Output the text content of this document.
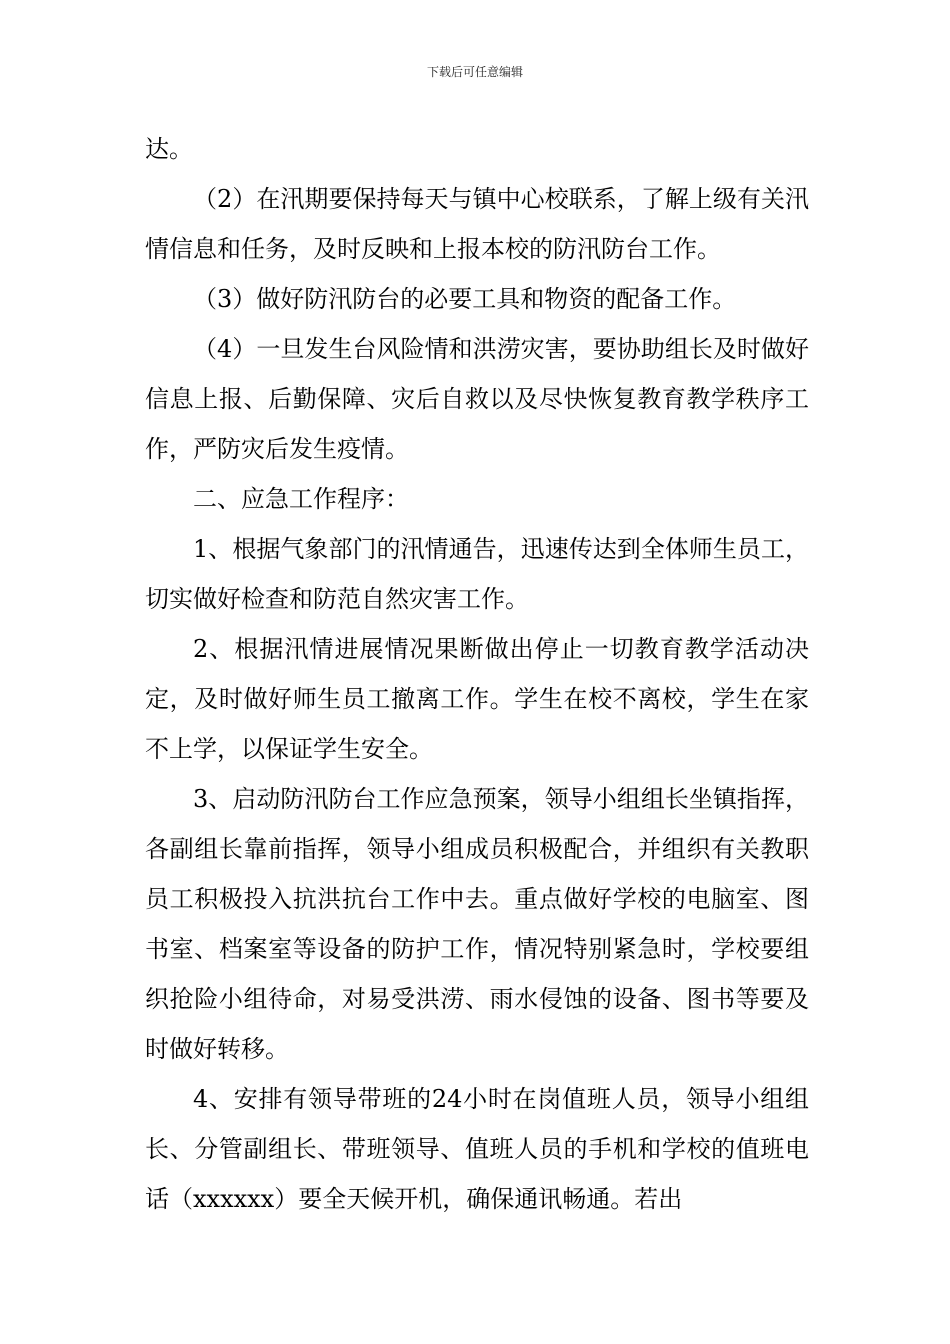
下载后可任意编辑

达。

（2）在汛期要保持每天与镇中心校联系，了解上级有关汛情信息和任务，及时反映和上报本校的防汛防台工作。

（3）做好防汛防台的必要工具和物资的配备工作。

（4）一旦发生台风险情和洪涝灾害，要协助组长及时做好信息上报、后勤保障、灾后自救以及尽快恢复教育教学秩序工作，严防灾后发生疫情。

二、应急工作程序：

1、根据气象部门的汛情通告，迅速传达到全体师生员工，切实做好检查和防范自然灾害工作。

2、根据汛情进展情况果断做出停止一切教育教学活动决定，及时做好师生员工撤离工作。学生在校不离校，学生在家不上学，以保证学生安全。

3、启动防汛防台工作应急预案，领导小组组长坐镇指挥，各副组长靠前指挥，领导小组成员积极配合，并组织有关教职员工积极投入抗洪抗台工作中去。重点做好学校的电脑室、图书室、档案室等设备的防护工作，情况特别紧急时，学校要组织抢险小组待命，对易受洪涝、雨水侵蚀的设备、图书等要及时做好转移。

4、安排有领导带班的24小时在岗值班人员，领导小组组长、分管副组长、带班领导、值班人员的手机和学校的值班电话（xxxxxx）要全天候开机，确保通讯畅通。若出
